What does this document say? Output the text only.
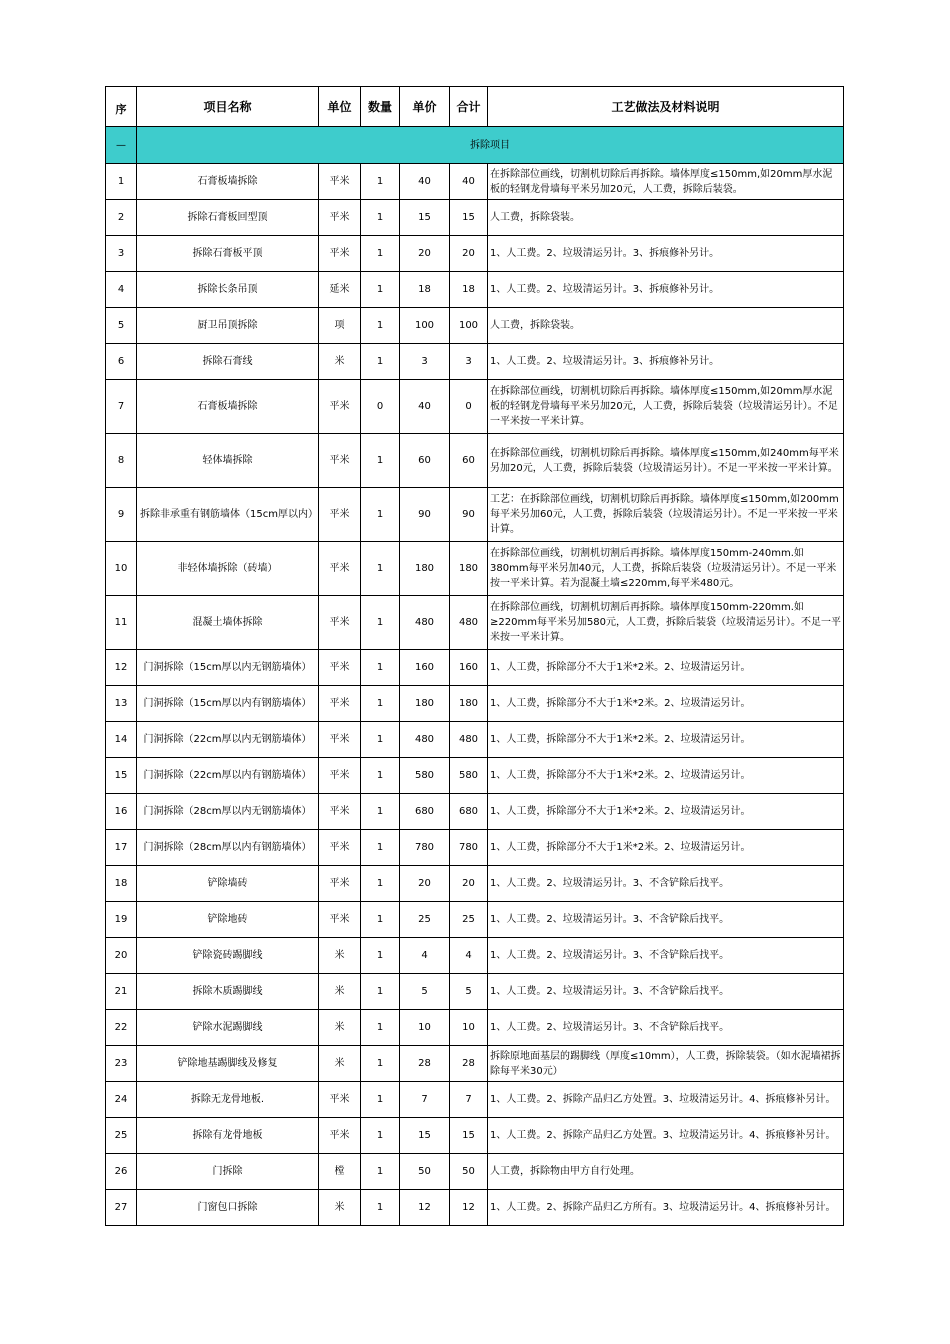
序	项目名称	单位	数量	单价	合计	工艺做法及材料说明
—	拆除项目					
1	石膏板墙拆除	平米	1	40	40	在拆除部位画线，切割机切除后再拆除。墙体厚度≤150mm,如20mm厚水泥板的轻钢龙骨墙每平米另加20元，人工费，拆除后装袋。
2	拆除石膏板回型顶	平米	1	15	15	人工费，拆除袋装。
3	拆除石膏板平顶	平米	1	20	20	1、人工费。2、垃圾清运另计。3、拆痕修补另计。
4	拆除长条吊顶	延米	1	18	18	1、人工费。2、垃圾清运另计。3、拆痕修补另计。
5	厨卫吊顶拆除	项	1	100	100	人工费，拆除袋装。
6	拆除石膏线	米	1	3	3	1、人工费。2、垃圾清运另计。3、拆痕修补另计。
7	石膏板墙拆除	平米	0	40	0	在拆除部位画线，切割机切除后再拆除。墙体厚度≤150mm,如20mm厚水泥板的轻钢龙骨墙每平米另加20元，人工费，拆除后装袋（垃圾清运另计）。不足一平米按一平米计算。
8	轻体墙拆除	平米	1	60	60	在拆除部位画线，切割机切除后再拆除。墙体厚度≤150mm,如240mm每平米另加20元，人工费，拆除后装袋（垃圾清运另计）。不足一平米按一平米计算。
9	拆除非承重有钢筋墙体（15cm厚以内）	平米	1	90	90	工艺：在拆除部位画线，切割机切除后再拆除。墙体厚度≤150mm,如200mm每平米另加60元，人工费，拆除后装袋（垃圾清运另计）。不足一平米按一平米计算。
10	非轻体墙拆除（砖墙）	平米	1	180	180	在拆除部位画线，切割机切割后再拆除。墙体厚度150mm-240mm.如380mm每平米另加40元，人工费，拆除后装袋（垃圾清运另计）。不足一平米按一平米计算。若为混凝土墙≤220mm,每平米480元。
11	混凝土墙体拆除	平米	1	480	480	在拆除部位画线，切割机切割后再拆除。墙体厚度150mm-220mm.如≥220mm每平米另加580元，人工费，拆除后装袋（垃圾清运另计）。不足一平米按一平米计算。
12	门洞拆除（15cm厚以内无钢筋墙体）	平米	1	160	160	1、人工费，拆除部分不大于1米*2米。2、垃圾清运另计。
13	门洞拆除（15cm厚以内有钢筋墙体）	平米	1	180	180	1、人工费，拆除部分不大于1米*2米。2、垃圾清运另计。
14	门洞拆除（22cm厚以内无钢筋墙体）	平米	1	480	480	1、人工费，拆除部分不大于1米*2米。2、垃圾清运另计。
15	门洞拆除（22cm厚以内有钢筋墙体）	平米	1	580	580	1、人工费，拆除部分不大于1米*2米。2、垃圾清运另计。
16	门洞拆除（28cm厚以内无钢筋墙体）	平米	1	680	680	1、人工费，拆除部分不大于1米*2米。2、垃圾清运另计。
17	门洞拆除（28cm厚以内有钢筋墙体）	平米	1	780	780	1、人工费，拆除部分不大于1米*2米。2、垃圾清运另计。
18	铲除墙砖	平米	1	20	20	1、人工费。2、垃圾清运另计。3、不含铲除后找平。
19	铲除地砖	平米	1	25	25	1、人工费。2、垃圾清运另计。3、不含铲除后找平。
20	铲除瓷砖踢脚线	米	1	4	4	1、人工费。2、垃圾清运另计。3、不含铲除后找平。
21	拆除木质踢脚线	米	1	5	5	1、人工费。2、垃圾清运另计。3、不含铲除后找平。
22	铲除水泥踢脚线	米	1	10	10	1、人工费。2、垃圾清运另计。3、不含铲除后找平。
23	铲除地基踢脚线及修复	米	1	28	28	拆除原地面基层的踢脚线（厚度≤10mm），人工费，拆除装袋。（如水泥墙裙拆除每平米30元）
24	拆除无龙骨地板.	平米	1	7	7	1、人工费。2、拆除产品归乙方处置。3、垃圾清运另计。4、拆痕修补另计。
25	拆除有龙骨地板	平米	1	15	15	1、人工费。2、拆除产品归乙方处置。3、垃圾清运另计。4、拆痕修补另计。
26	门拆除	樘	1	50	50	人工费，拆除物由甲方自行处理。
27	门窗包口拆除	米	1	12	12	1、人工费。2、拆除产品归乙方所有。3、垃圾清运另计。4、拆痕修补另计。
